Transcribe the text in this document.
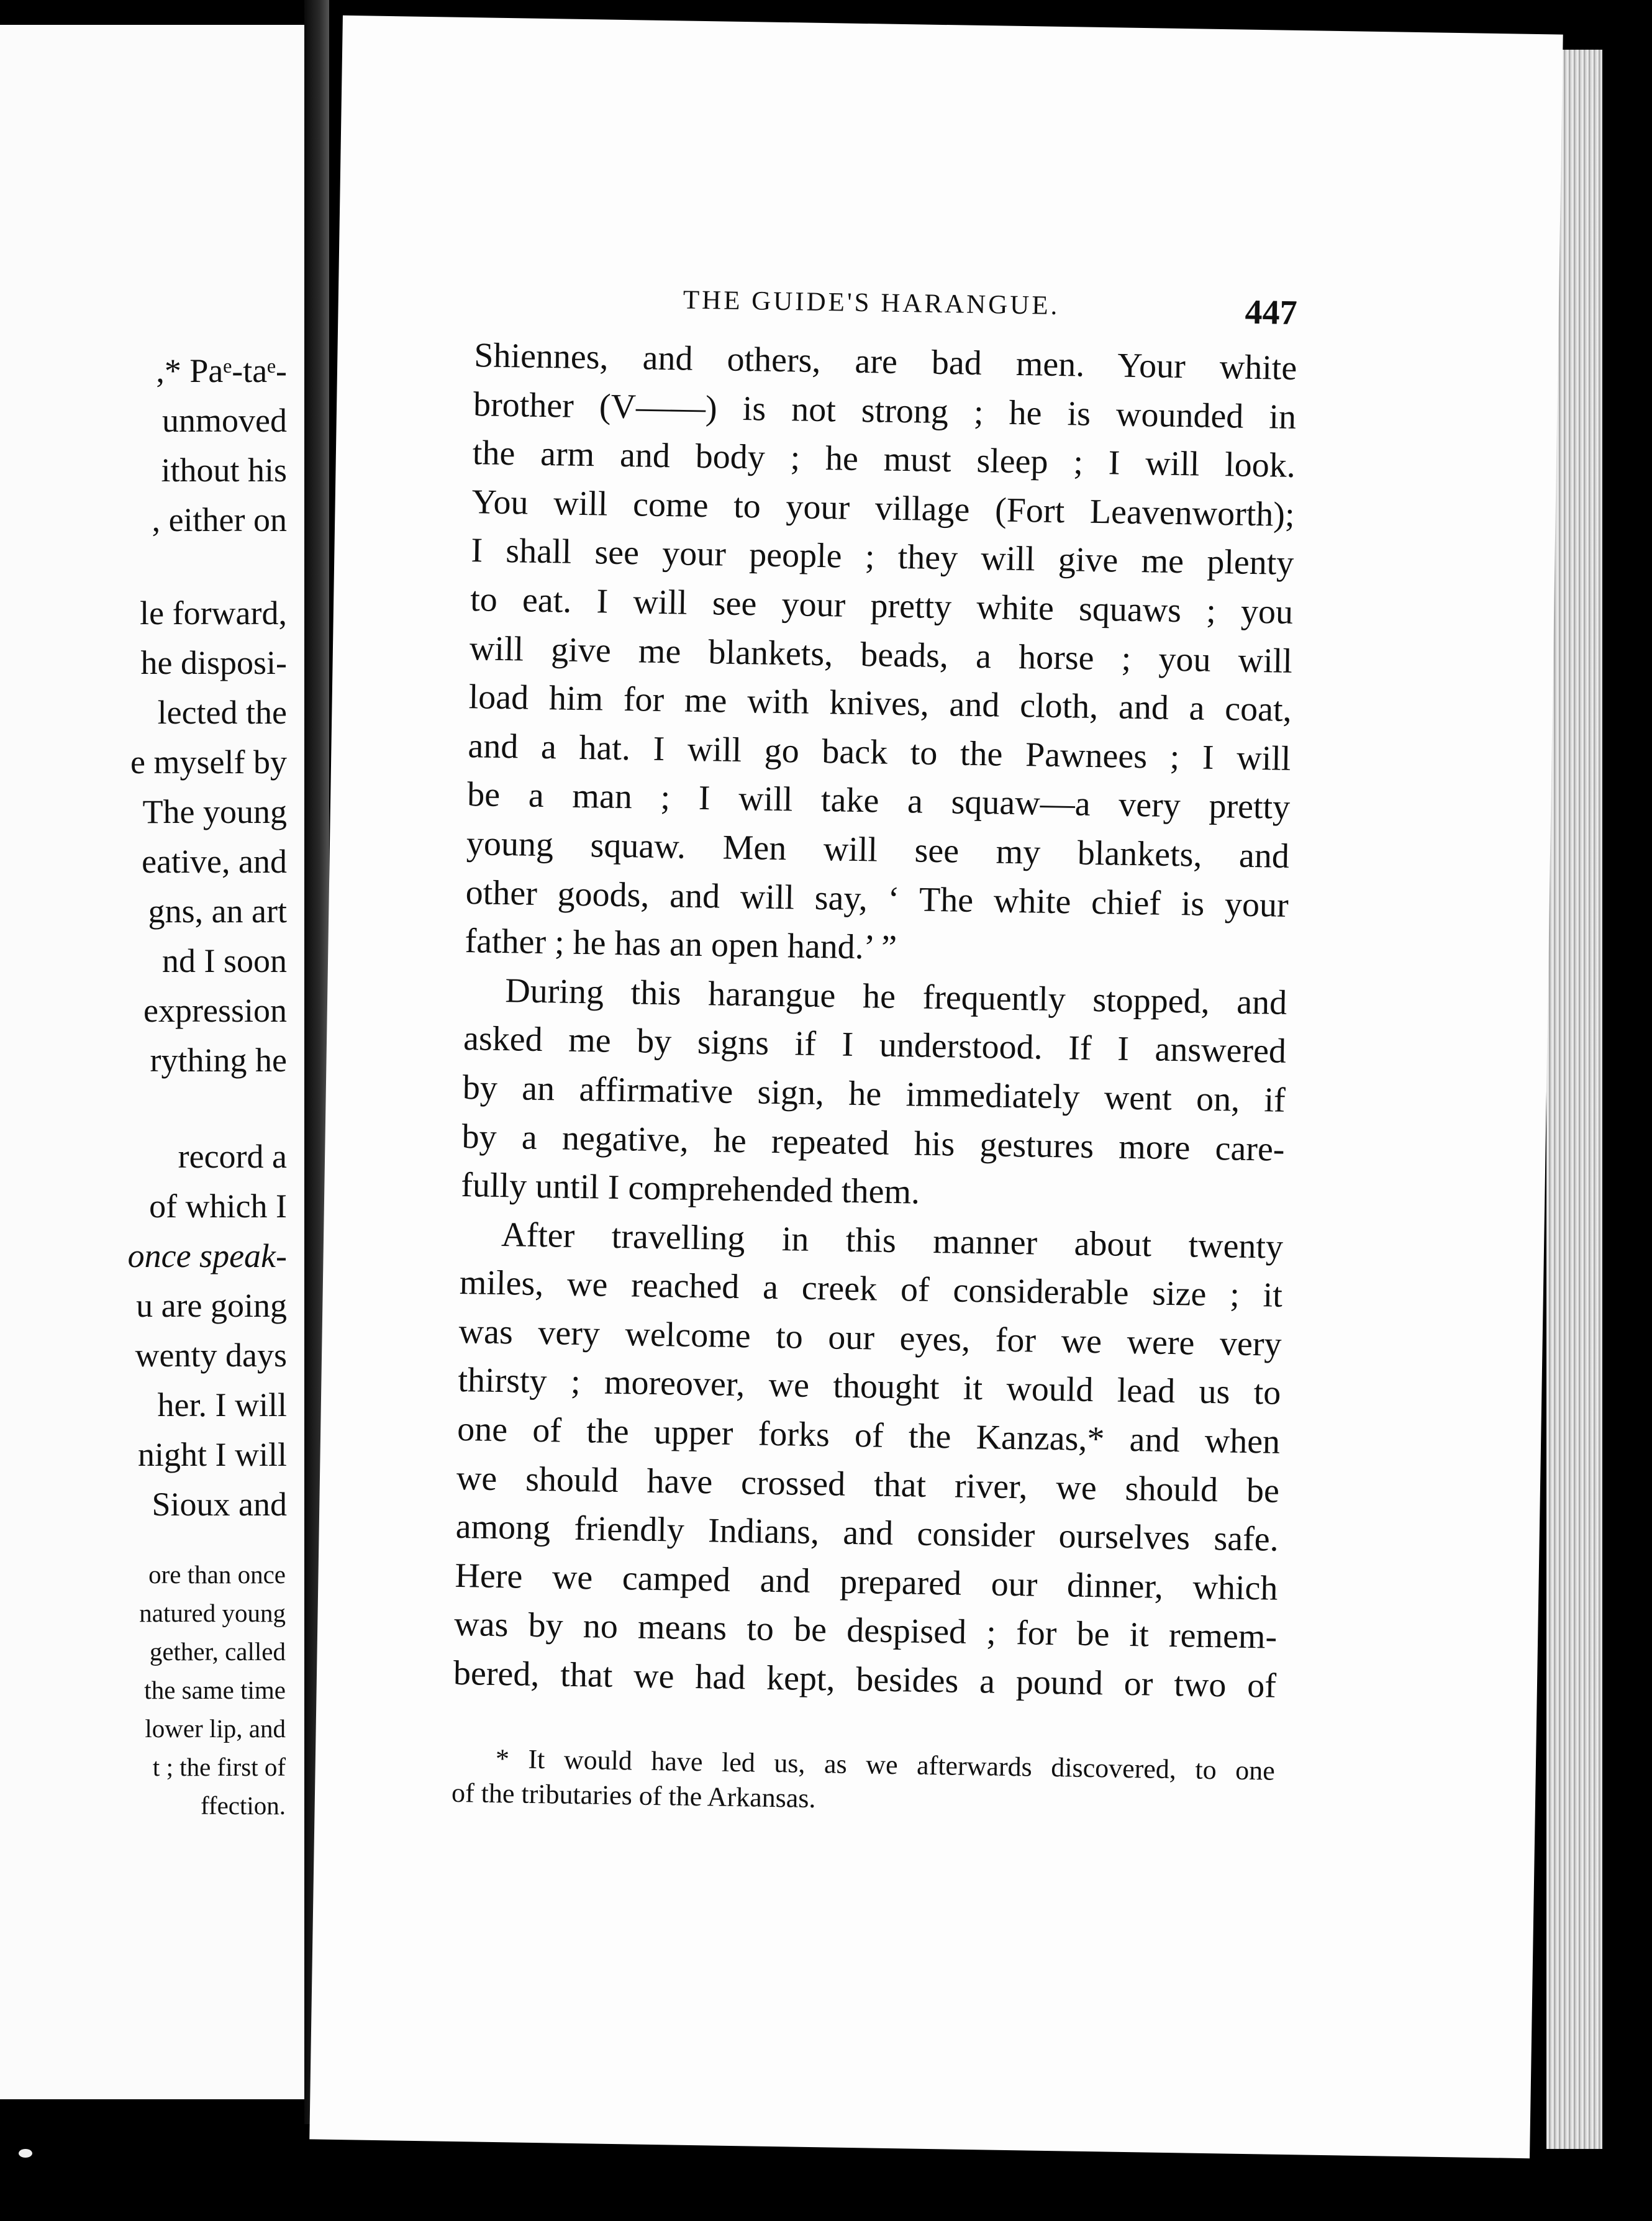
,* Paᵉ-taᵉ-
unmoved
ithout his
, either on
le forward,
he disposi-
lected the
e myself by
The young
eative, and
gns, an art
nd I soon
expression
rything he
record a
of which I
once speak-
u are going
wenty days
her. I will
night I will
Sioux and
ore than once
natured young
gether, called
the same time
lower lip, and
t ; the first of
ffection.
THE GUIDE'S HARANGUE.	447
Shiennes, and others, are bad men. Your white
brother (V——) is not strong ; he is wounded in
the arm and body ; he must sleep ; I will look.
You will come to your village (Fort Leavenworth);
I shall see your people ; they will give me plenty
to eat. I will see your pretty white squaws ; you
will give me blankets, beads, a horse ; you will
load him for me with knives, and cloth, and a coat,
and a hat. I will go back to the Pawnees ; I will
be a man ; I will take a squaw—a very pretty
young squaw. Men will see my blankets, and
other goods, and will say, ‘ The white chief is your
father ; he has an open hand.’ ”
During this harangue he frequently stopped, and
asked me by signs if I understood. If I answered
by an affirmative sign, he immediately went on, if
by a negative, he repeated his gestures more care-
fully until I comprehended them.
After travelling in this manner about twenty
miles, we reached a creek of considerable size ; it
was very welcome to our eyes, for we were very
thirsty ; moreover, we thought it would lead us to
one of the upper forks of the Kanzas,* and when
we should have crossed that river, we should be
among friendly Indians, and consider ourselves safe.
Here we camped and prepared our dinner, which
was by no means to be despised ; for be it remem-
bered, that we had kept, besides a pound or two of
* It would have led us, as we afterwards discovered, to one
of the tributaries of the Arkansas.
